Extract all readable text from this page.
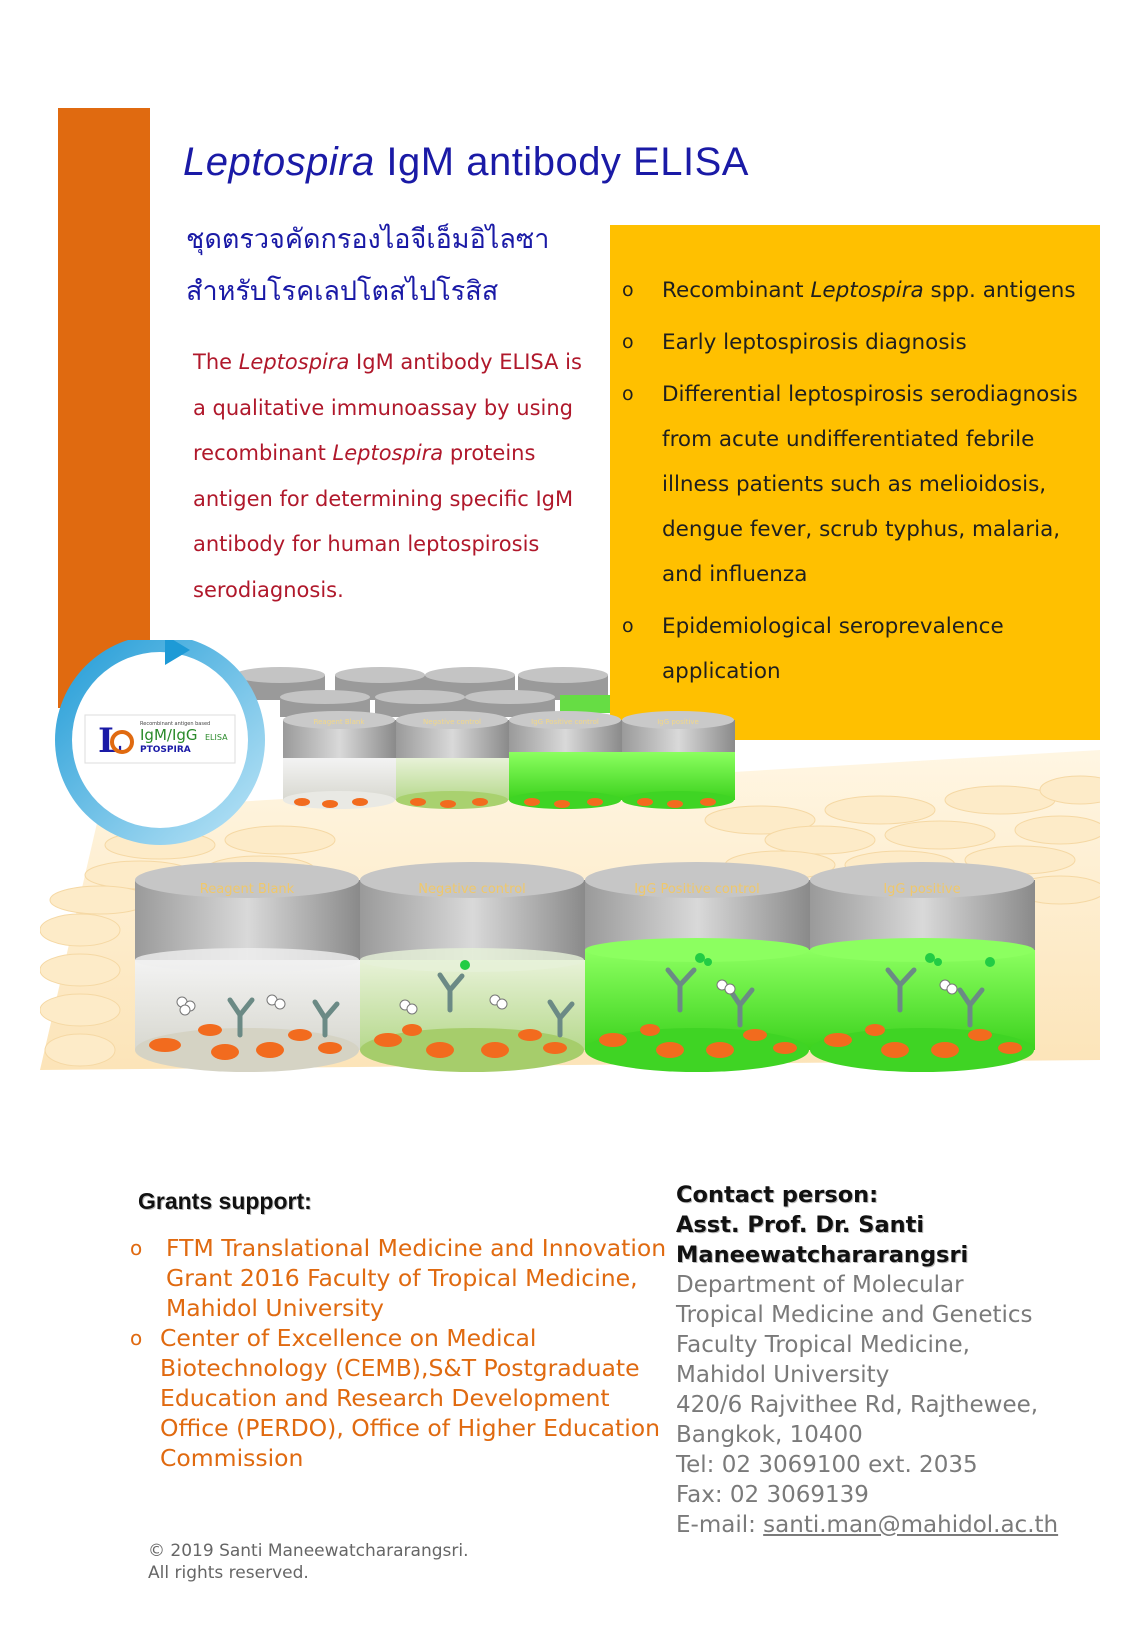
Leptospira IgM antibody ELISA
ชุดตรวจคัดกรองไอจีเอ็มอิไลซา
สำหรับโรคเลปโตสไปโรสิส
The Leptospira IgM antibody ELISA is a qualitative immunoassay by using recombinant Leptospira proteins antigen for determining specific IgM antibody for human leptospirosis serodiagnosis.
o Recombinant Leptospira spp. antigens
o Early leptospirosis diagnosis
o Differential leptospirosis serodiagnosis from acute undifferentiated febrile illness patients such as melioidosis, dengue fever, scrub typhus, malaria, and influenza
o Epidemiological seroprevalence application
Reagent Blank	Negative control	IgG Positive control	IgG positive
Reagent Blank	Negative control	IgG Positive control	IgG positive
L	Recombinant antigen based
IgM/IgG ELISA
PTOSPIRA
Grants support:
o FTM Translational Medicine and Innovation Grant 2016 Faculty of Tropical Medicine, Mahidol University
o Center of Excellence on Medical Biotechnology (CEMB),S&T Postgraduate Education and Research Development Office (PERDO), Office of Higher Education Commission
Contact person:
Asst. Prof. Dr. Santi
Maneewatchararangsri
Department of Molecular
Tropical Medicine and Genetics
Faculty Tropical Medicine,
Mahidol University
420/6 Rajvithee Rd, Rajthewee,
Bangkok, 10400
Tel: 02 3069100 ext. 2035
Fax: 02 3069139
E-mail: santi.man@mahidol.ac.th
© 2019 Santi Maneewatchararangsri.
All rights reserved.
